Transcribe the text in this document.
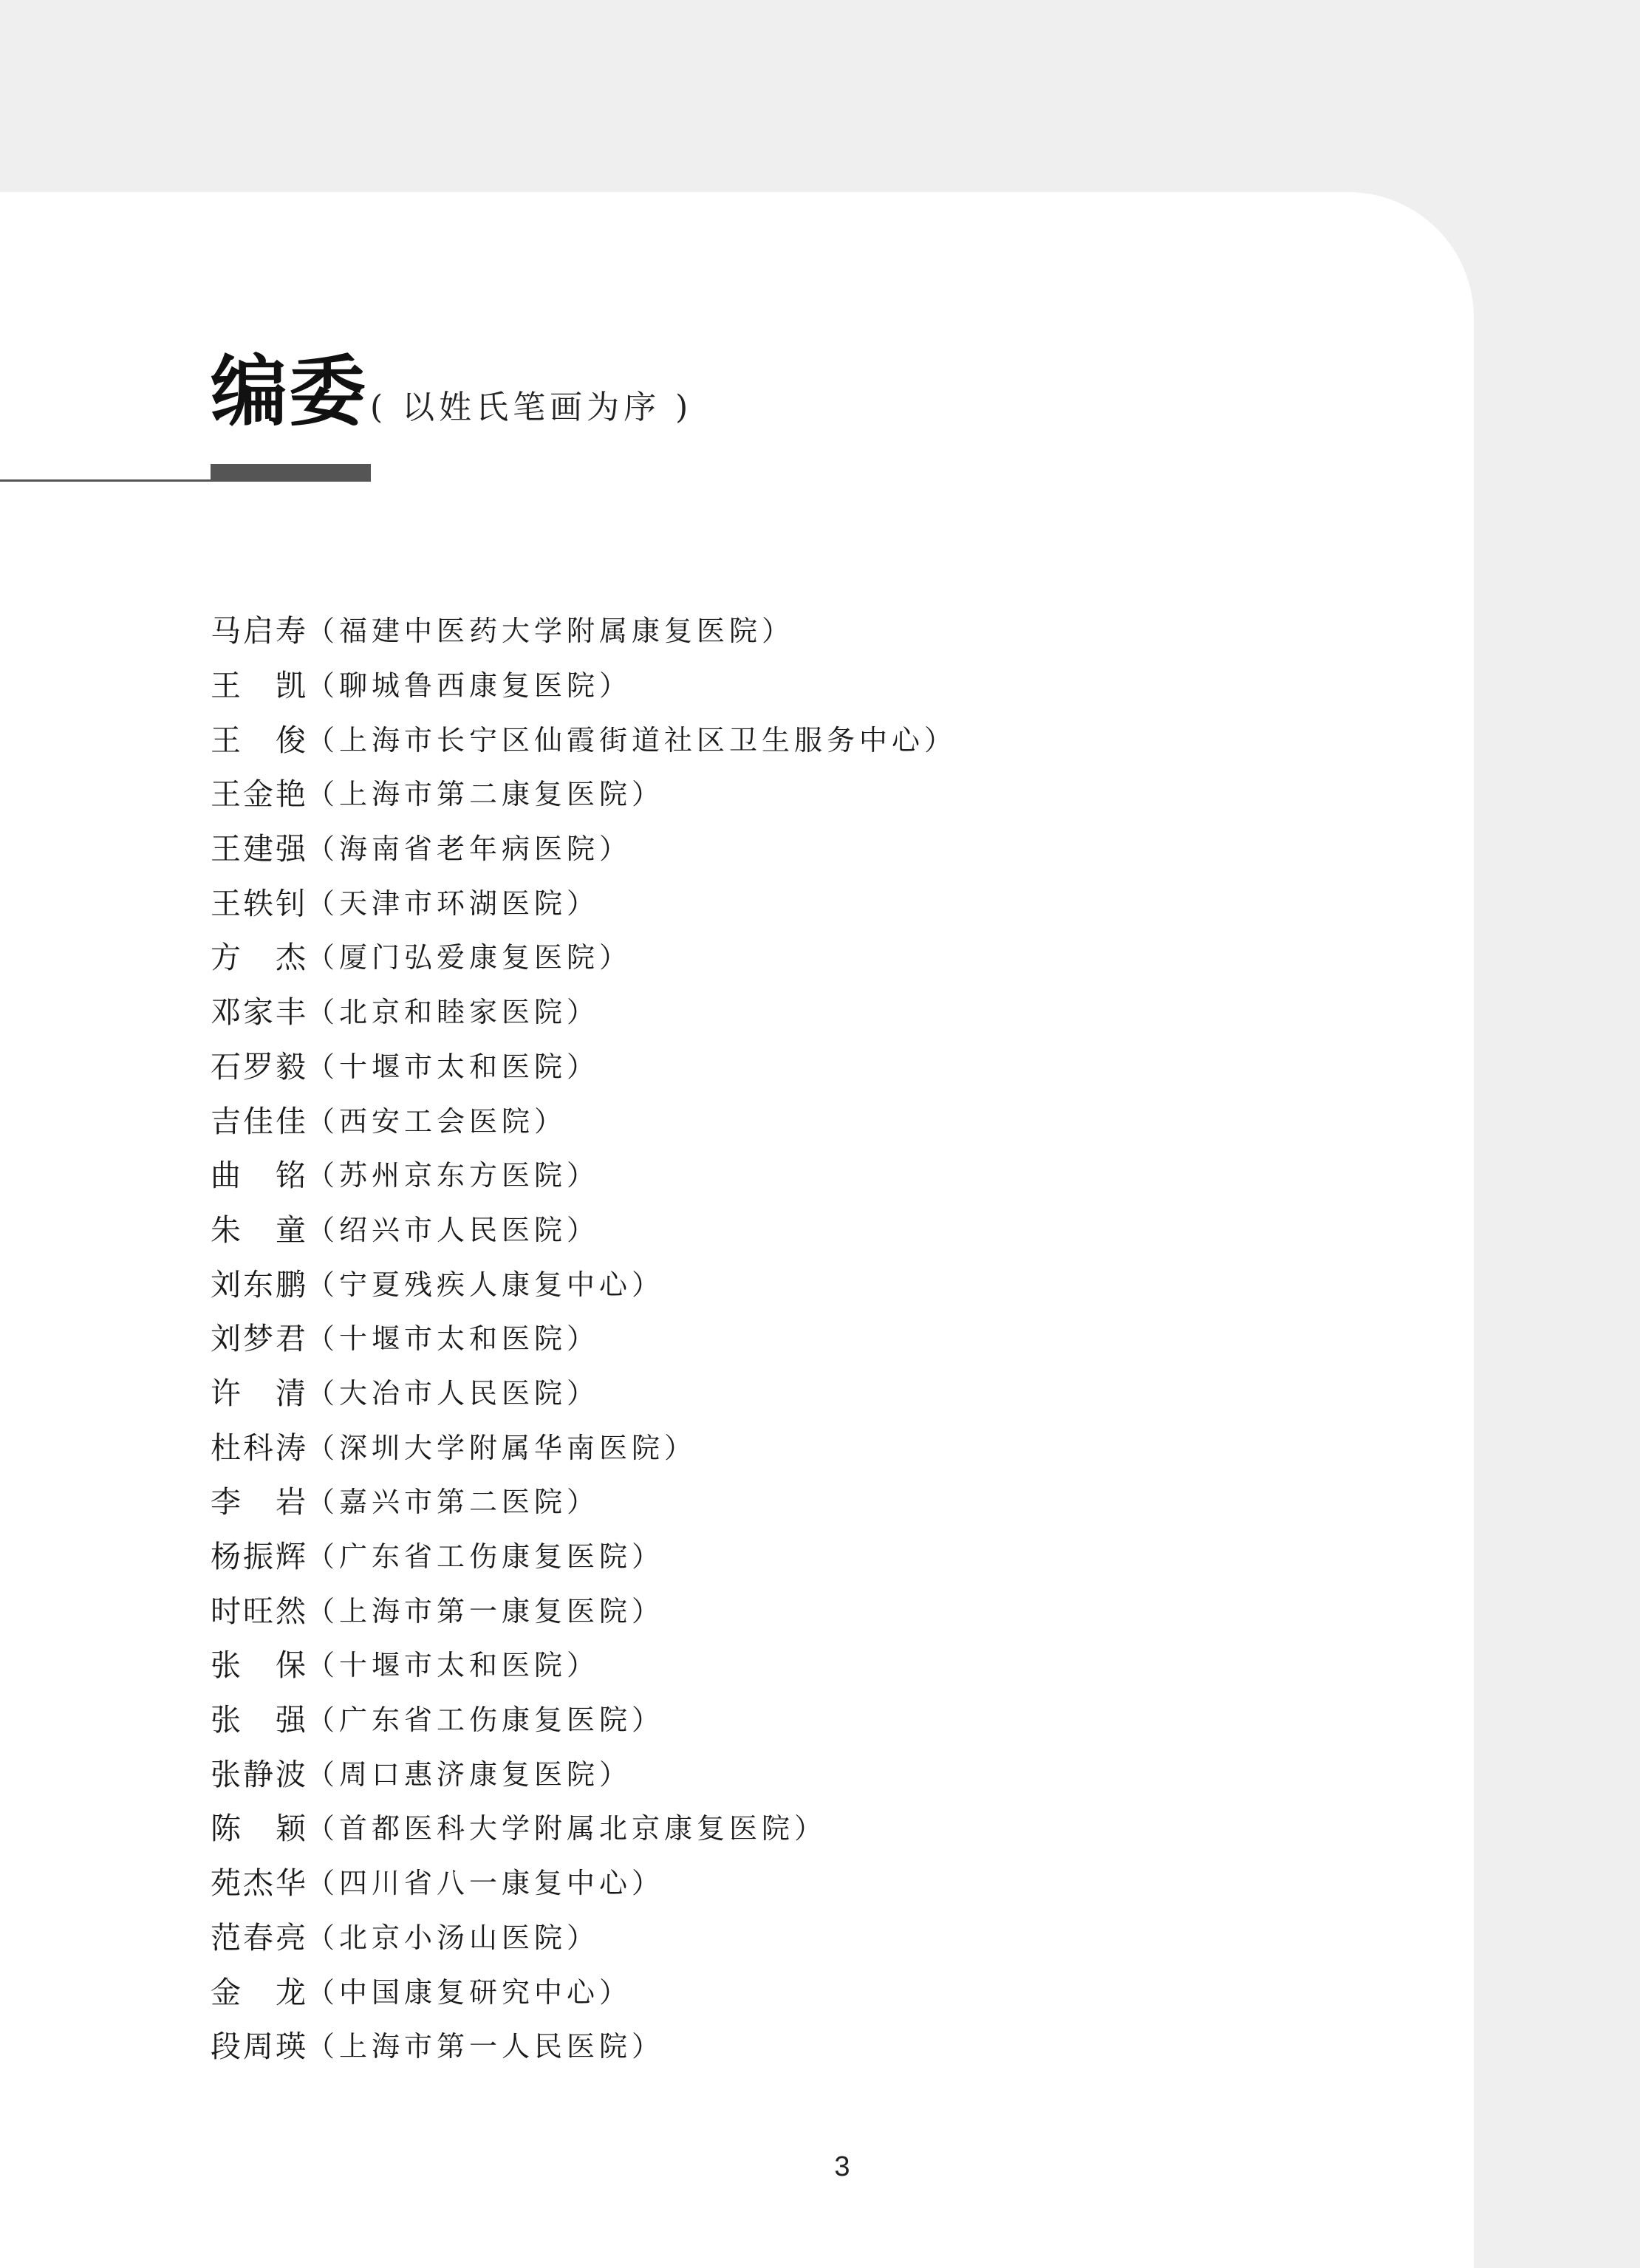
编委 ( 以姓氏笔画为序 )
马启寿 （福建中医药大学附属康复医院）
王　凯 （聊城鲁西康复医院）
王　俊 （上海市长宁区仙霞街道社区卫生服务中心）
王金艳 （上海市第二康复医院）
王建强 （海南省老年病医院）
王轶钊 （天津市环湖医院）
方　杰 （厦门弘爱康复医院）
邓家丰 （北京和睦家医院）
石罗毅 （十堰市太和医院）
吉佳佳 （西安工会医院）
曲　铭 （苏州京东方医院）
朱　童 （绍兴市人民医院）
刘东鹏 （宁夏残疾人康复中心）
刘梦君 （十堰市太和医院）
许　清 （大冶市人民医院）
杜科涛 （深圳大学附属华南医院）
李　岩 （嘉兴市第二医院）
杨振辉 （广东省工伤康复医院）
时旺然 （上海市第一康复医院）
张　保 （十堰市太和医院）
张　强 （广东省工伤康复医院）
张静波 （周口惠济康复医院）
陈　颖 （首都医科大学附属北京康复医院）
苑杰华 （四川省八一康复中心）
范春亮 （北京小汤山医院）
金　龙 （中国康复研究中心）
段周瑛 （上海市第一人民医院）
3
